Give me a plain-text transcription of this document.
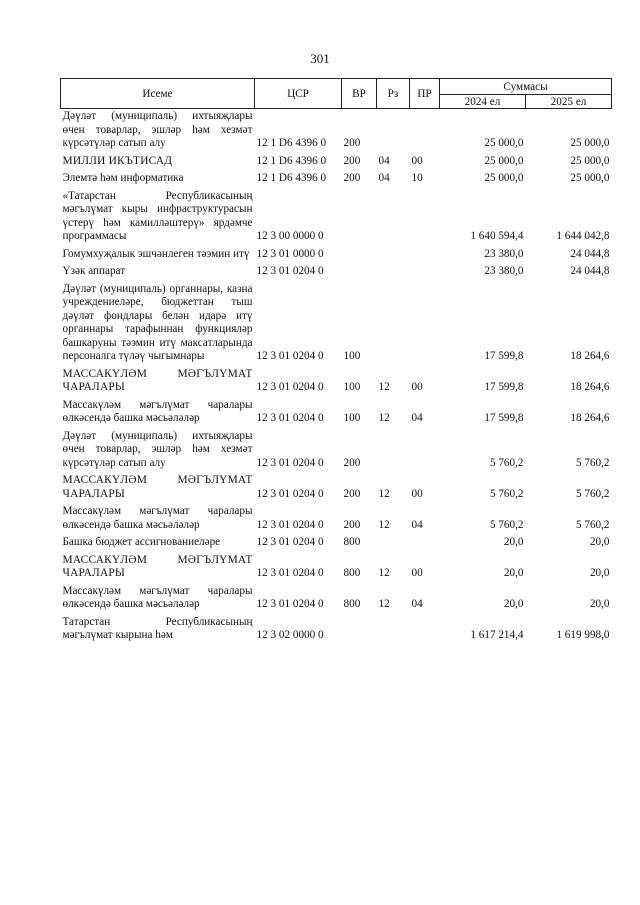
301
Исеме	ЦСР	ВР	Рз	ПР	Суммасы	
					2024 ел	2025 ел
Дәүләт (муниципаль) ихтыяҗлары өчен товарлар, эшләр һәм хезмәт күрсәтүләр сатып алу	12 1 D6 4396 0	200			25 000,0	25 000,0
МИЛЛИ ИКЪТИСАД	12 1 D6 4396 0	200	04	00	25 000,0	25 000,0
Элемтә һәм информатика	12 1 D6 4396 0	200	04	10	25 000,0	25 000,0
«Татарстан Республикасының мәгълүмат кыры инфраструктурасын үстерү һәм камилләштерү» ярдәмче программасы	12 3 00 0000 0				1 640 594,4	1 644 042,8
Гомумхуҗалык эшчәнлеген тәэмин итү	12 3 01 0000 0				23 380,0	24 044,8
Үзәк аппарат	12 3 01 0204 0				23 380,0	24 044,8
Дәүләт (муниципаль) органнары, казна учреждениеләре, бюджеттан тыш дәүләт фондлары белән идарә итү органнары тарафыннан функцияләр башкаруны тәэмин итү максатларында персоналга түләү чыгымнары	12 3 01 0204 0	100			17 599,8	18 264,6
МАССАКҮЛӘМ МӘГЪЛҮМАТ ЧАРАЛАРЫ	12 3 01 0204 0	100	12	00	17 599,8	18 264,6
Массакүләм мәгълүмат чаралары өлкәсендә башка мәсьәләләр	12 3 01 0204 0	100	12	04	17 599,8	18 264,6
Дәүләт (муниципаль) ихтыяҗлары өчен товарлар, эшләр һәм хезмәт күрсәтүләр сатып алу	12 3 01 0204 0	200			5 760,2	5 760,2
МАССАКҮЛӘМ МӘГЪЛҮМАТ ЧАРАЛАРЫ	12 3 01 0204 0	200	12	00	5 760,2	5 760,2
Массакүләм мәгълүмат чаралары өлкәсендә башка мәсьәләләр	12 3 01 0204 0	200	12	04	5 760,2	5 760,2
Башка бюджет ассигнованиеләре	12 3 01 0204 0	800			20,0	20,0
МАССАКҮЛӘМ МӘГЪЛҮМАТ ЧАРАЛАРЫ	12 3 01 0204 0	800	12	00	20,0	20,0
Массакүләм мәгълүмат чаралары өлкәсендә башка мәсьәләләр	12 3 01 0204 0	800	12	04	20,0	20,0
Татарстан Республикасының мәгълүмат кырына һәм	12 3 02 0000 0				1 617 214,4	1 619 998,0
